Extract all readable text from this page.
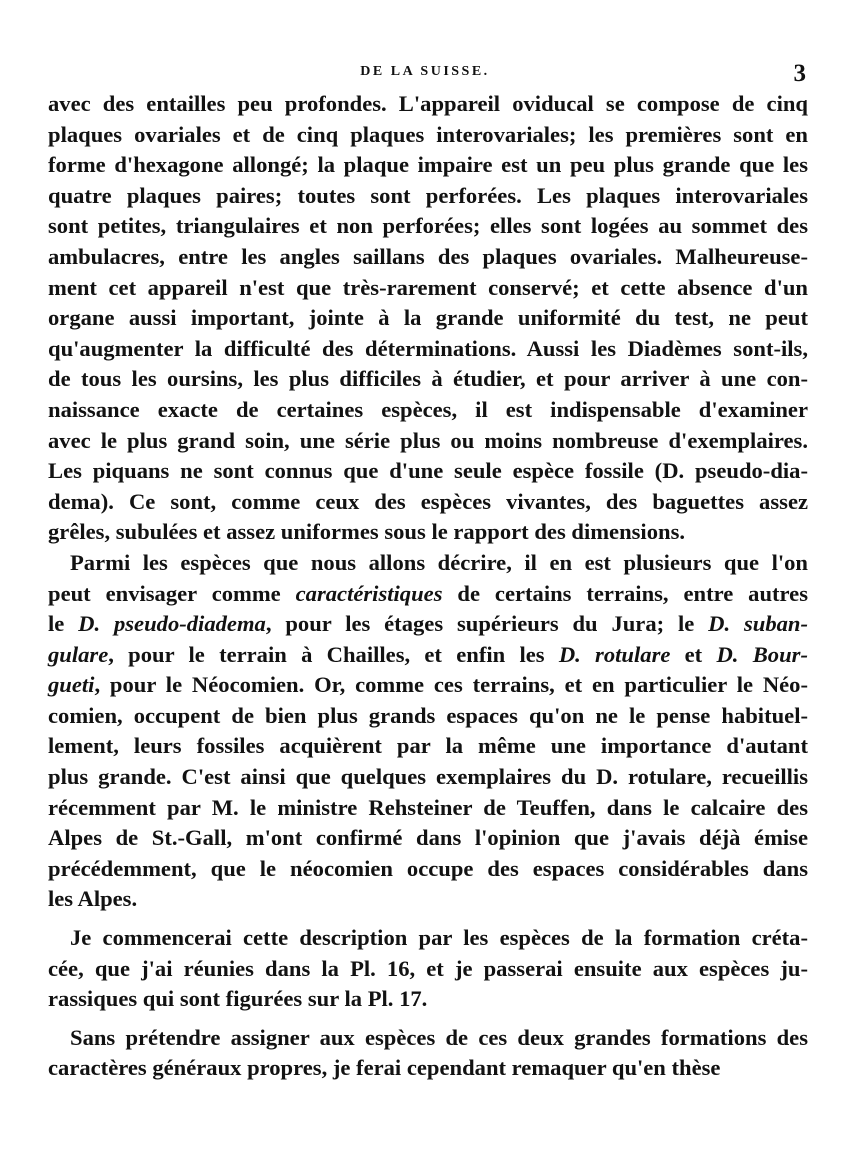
DE LA SUISSE.	3

avec des entailles peu profondes. L'appareil oviducal se compose de cinq
plaques ovariales et de cinq plaques interovariales; les premières sont en
forme d'hexagone allongé; la plaque impaire est un peu plus grande que les
quatre plaques paires; toutes sont perforées. Les plaques interovariales
sont petites, triangulaires et non perforées; elles sont logées au sommet des
ambulacres, entre les angles saillans des plaques ovariales. Malheureuse-
ment cet appareil n'est que très-rarement conservé; et cette absence d'un
organe aussi important, jointe à la grande uniformité du test, ne peut
qu'augmenter la difficulté des déterminations. Aussi les Diadèmes sont-ils,
de tous les oursins, les plus difficiles à étudier, et pour arriver à une con-
naissance exacte de certaines espèces, il est indispensable d'examiner
avec le plus grand soin, une série plus ou moins nombreuse d'exemplaires.
Les piquans ne sont connus que d'une seule espèce fossile (D. pseudo-dia-
dema). Ce sont, comme ceux des espèces vivantes, des baguettes assez
grêles, subulées et assez uniformes sous le rapport des dimensions.

Parmi les espèces que nous allons décrire, il en est plusieurs que l'on
peut envisager comme caractéristiques de certains terrains, entre autres
le D. pseudo-diadema, pour les étages supérieurs du Jura; le D. suban-
gulare, pour le terrain à Chailles, et enfin les D. rotulare et D. Bour-
gueti, pour le Néocomien. Or, comme ces terrains, et en particulier le Néo-
comien, occupent de bien plus grands espaces qu'on ne le pense habituel-
lement, leurs fossiles acquièrent par la même une importance d'autant
plus grande. C'est ainsi que quelques exemplaires du D. rotulare, recueillis
récemment par M. le ministre Rehsteiner de Teuffen, dans le calcaire des
Alpes de St.-Gall, m'ont confirmé dans l'opinion que j'avais déjà émise
précédemment, que le néocomien occupe des espaces considérables dans
les Alpes.

Je commencerai cette description par les espèces de la formation créta-
cée, que j'ai réunies dans la Pl. 16, et je passerai ensuite aux espèces ju-
rassiques qui sont figurées sur la Pl. 17.

Sans prétendre assigner aux espèces de ces deux grandes formations des
caractères généraux propres, je ferai cependant remaquer qu'en thèse
